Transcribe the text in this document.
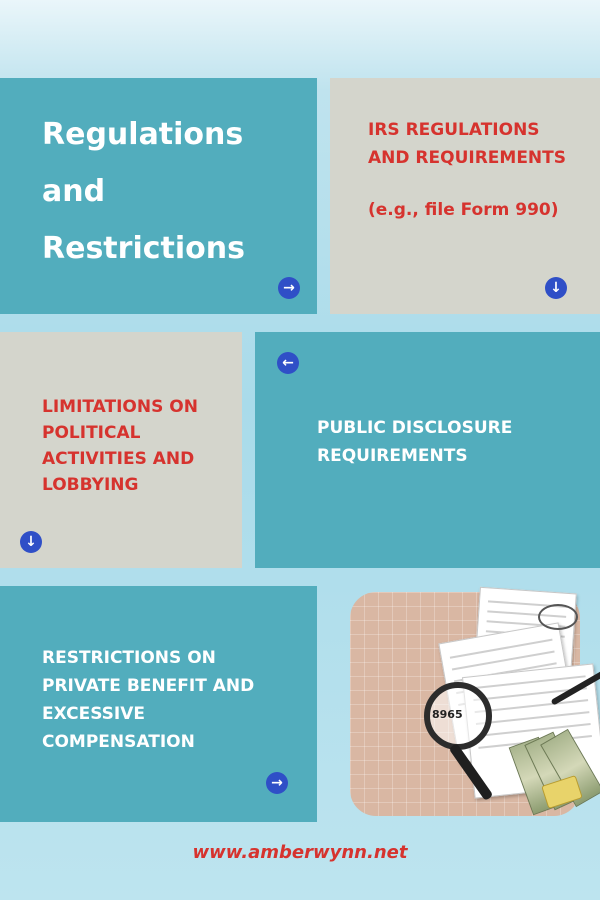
Regulations
and
Restrictions
→

IRS REGULATIONS
AND REQUIREMENTS

(e.g., file Form 990)
↓

LIMITATIONS ON
POLITICAL
ACTIVITIES AND
LOBBYING

↓
←

PUBLIC DISCLOSURE
REQUIREMENTS

RESTRICTIONS ON
PRIVATE BENEFIT AND
EXCESSIVE
COMPENSATION

→
8965
www.amberwynn.net
